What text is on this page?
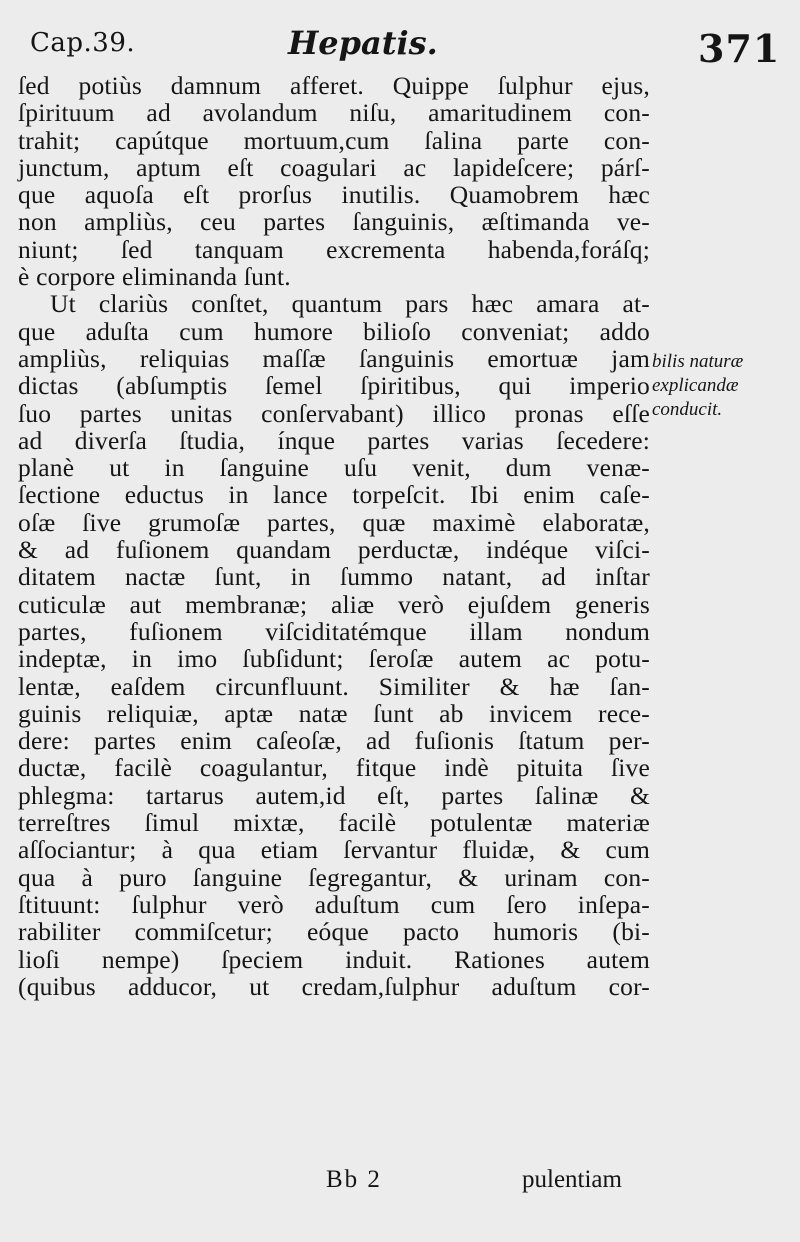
Cap.39.	Hepatis.	371
ſed potiùs damnum afferet. Quippe ſulphur ejus,
ſpirituum ad avolandum niſu, amaritudinem con-
trahit; capútque mortuum,cum ſalina parte con-
junctum, aptum eſt coagulari ac lapideſcere; párſ-
que aquoſa eſt prorſus inutilis. Quamobrem hæc
non ampliùs, ceu partes ſanguinis, æſtimanda ve-
niunt; ſed tanquam excrementa habenda,foráſq;
è corpore eliminanda ſunt.
Ut clariùs conſtet, quantum pars hæc amara at-
que aduſta cum humore bilioſo conveniat; addo
ampliùs, reliquias maſſæ ſanguinis emortuæ jam
dictas (abſumptis ſemel ſpiritibus, qui imperio
ſuo partes unitas conſervabant) illico pronas eſſe
ad diverſa ſtudia, ínque partes varias ſecedere:
planè ut in ſanguine uſu venit, dum venæ-
ſectione eductus in lance torpeſcit. Ibi enim caſe-
oſæ ſive grumoſæ partes, quæ maximè elaboratæ,
& ad fuſionem quandam perductæ, indéque viſci-
ditatem nactæ ſunt, in ſummo natant, ad inſtar
cuticulæ aut membranæ; aliæ verò ejuſdem generis
partes, fuſionem viſciditatémque illam nondum
indeptæ, in imo ſubſidunt; ſeroſæ autem ac potu-
lentæ, eaſdem circunfluunt. Similiter & hæ ſan-
guinis reliquiæ, aptæ natæ ſunt ab invicem rece-
dere: partes enim caſeoſæ, ad fuſionis ſtatum per-
ductæ, facilè coagulantur, fitque indè pituita ſive
phlegma: tartarus autem,id eſt, partes ſalinæ &
terreſtres ſimul mixtæ, facilè potulentæ materiæ
aſſociantur; à qua etiam ſervantur fluidæ, & cum
qua à puro ſanguine ſegregantur, & urinam con-
ſtituunt: ſulphur verò aduſtum cum ſero inſepa-
rabiliter commiſcetur; eóque pacto humoris (bi-
lioſi nempe) ſpeciem induit. Rationes autem
(quibus adducor, ut credam,ſulphur aduſtum cor-
bilis naturæ
explicandæ
conducit.
Bb 2	pulentiam
